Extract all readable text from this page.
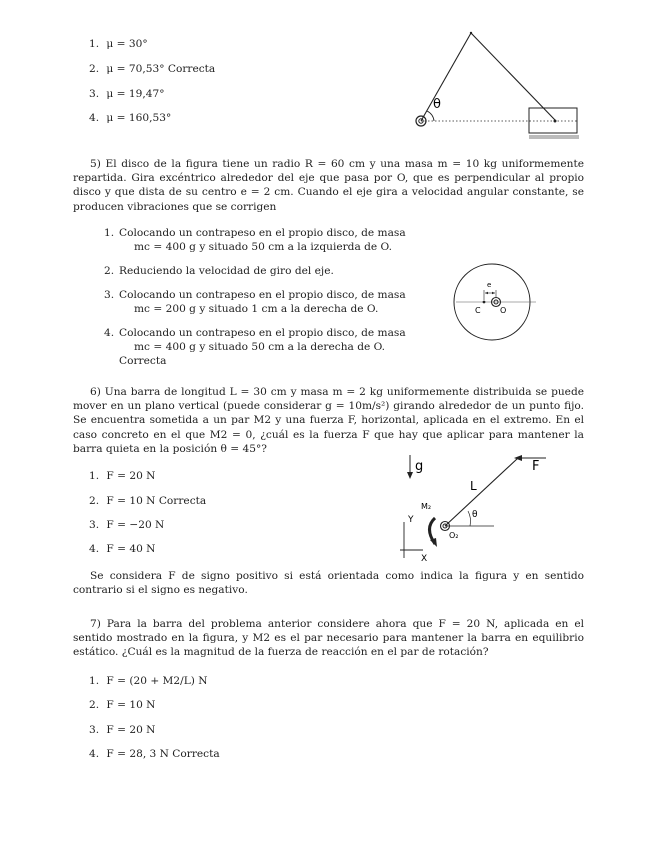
1. μ = 30°
2. μ = 70,53° Correcta
3. μ = 19,47°
4. μ = 160,53°
θ
5) El disco de la figura tiene un radio R = 60 cm y una masa m = 10 kg uniformemente repartida. Gira excéntrico alrededor del eje que pasa por O, que es perpendicular al propio disco y que dista de su centro e = 2 cm. Cuando el eje gira a velocidad angular constante, se producen vibraciones que se corrigen
1. Colocando un contrapeso en el propio disco, de masa
mc = 400 g y situado 50 cm a la izquierda de O.
2. Reduciendo la velocidad de giro del eje.
3. Colocando un contrapeso en el propio disco, de masa
mc = 200 g y situado 1 cm a la derecha de O.
4. Colocando un contrapeso en el propio disco, de masa
mc = 400 g y situado 50 cm a la derecha de O. Correcta
e
C O
6) Una barra de longitud L = 30 cm y masa m = 2 kg uniformemente distribuida se puede mover en un plano vertical (puede considerar g = 10m/s²) girando alrededor de un punto fijo. Se encuentra sometida a un par M2 y una fuerza F, horizontal, aplicada en el extremo. En el caso concreto en el que M2 = 0, ¿cuál es la fuerza F que hay que aplicar para mantener la barra quieta en la posición θ = 45°?
1. F = 20 N
2. F = 10 N Correcta
3. F = −20 N
4. F = 40 N
g	F
L
θ
O₂
M₂
Y
X
Se considera F de signo positivo si está orientada como indica la figura y en sentido contrario si el signo es negativo.
7) Para la barra del problema anterior considere ahora que F = 20 N, aplicada en el sentido mostrado en la figura, y M2 es el par necesario para mantener la barra en equilibrio estático. ¿Cuál es la magnitud de la fuerza de reacción en el par de rotación?
1. F = (20 + M2/L) N
2. F = 10 N
3. F = 20 N
4. F = 28, 3 N Correcta
